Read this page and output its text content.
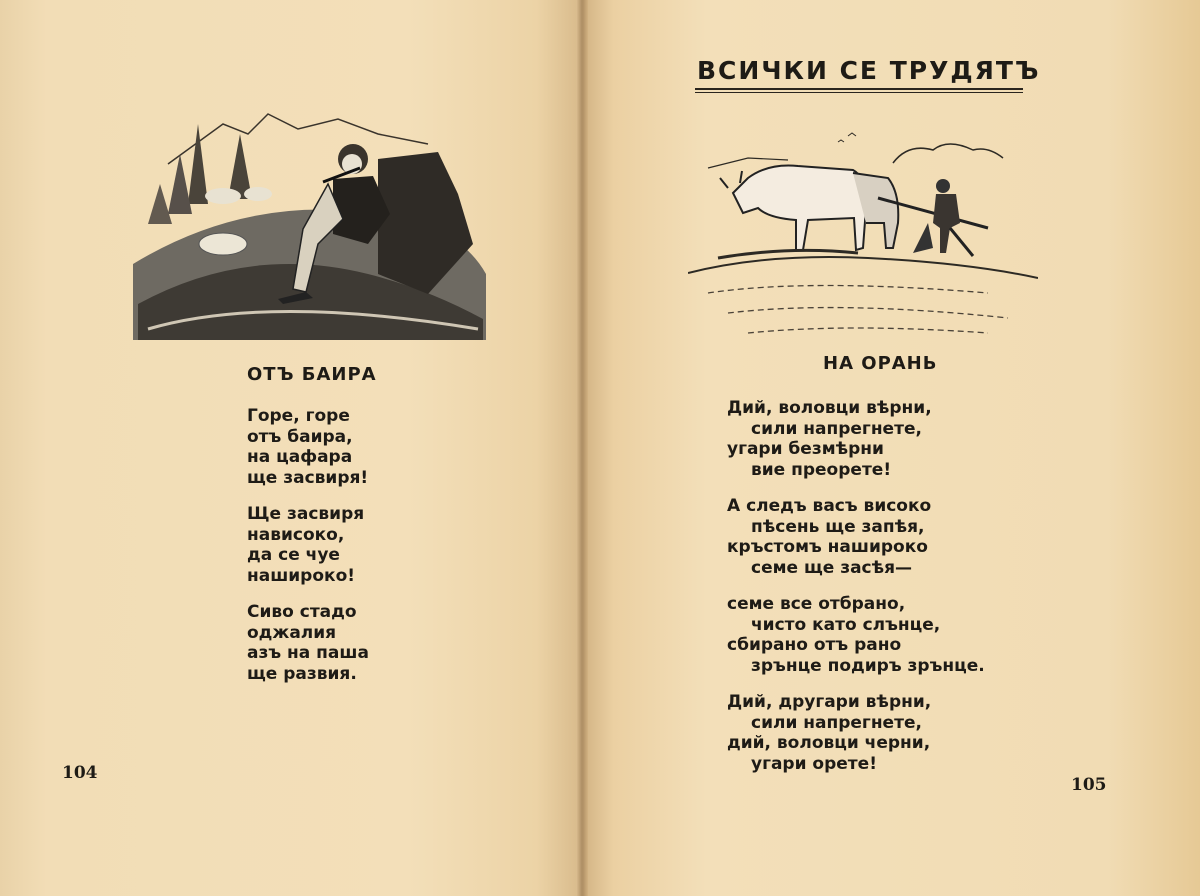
ОТЪ БАИРА
Горе, горе
отъ баира,
на цафара
ще засвиря!
Ще засвиря
нависоко,
да се чуе
нашироко!
Сиво стадо
оджалия
азъ на паша
ще развия.
104
ВСИЧКИ СЕ ТРУДЯТЪ
НА ОРАНЬ
Дий, воловци вѣрни,
сили напрегнете,
угари безмѣрни
вие преорете!
А следъ васъ високо
пѣсень ще запѣя,
кръстомъ нашироко
семе ще засѣя—
семе все отбрано,
чисто като слънце,
сбирано отъ рано
зрънце подиръ зрънце.
Дий, другари вѣрни,
сили напрегнете,
дий, воловци черни,
угари орете!
105
